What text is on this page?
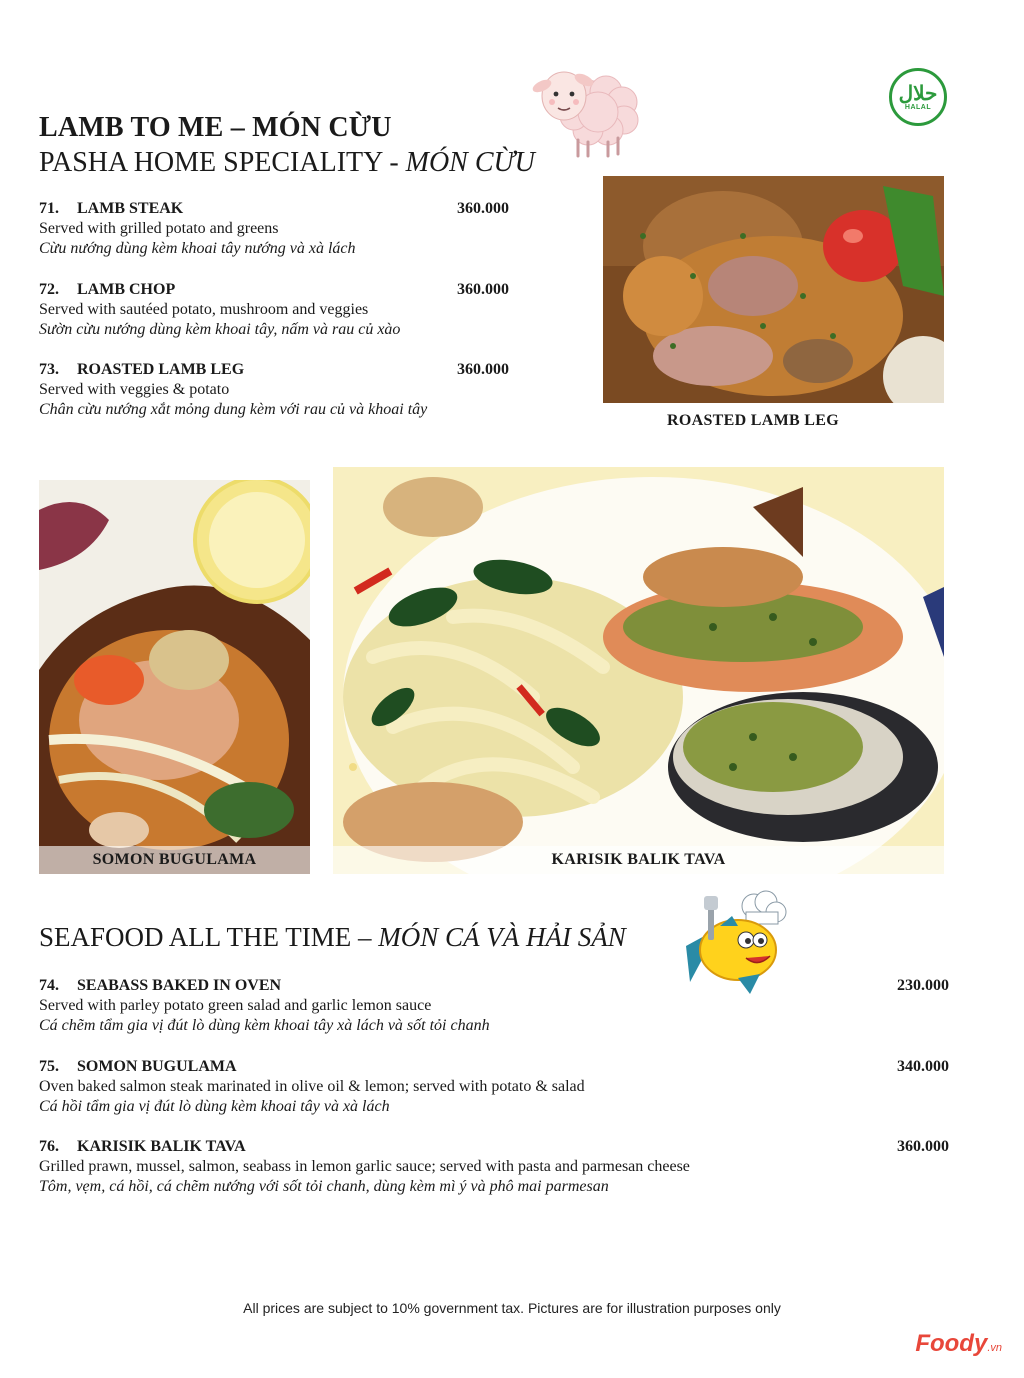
LAMB TO ME – MÓN CỪU
PASHA HOME SPECIALITY - MÓN CỪU
حلال
HALAL
71. LAMB STEAK	360.000
Served with grilled potato and greens
Cừu nướng dùng kèm khoai tây nướng và xà lách
72. LAMB CHOP	360.000
Served with sautéed potato, mushroom and veggies
Sườn cừu nướng dùng kèm khoai tây, nấm và rau củ xào
73. ROASTED LAMB LEG	360.000
Served with veggies & potato
Chân cừu nướng xắt mỏng dung kèm với rau củ và khoai tây
ROASTED LAMB LEG
SOMON BUGULAMA	KARISIK BALIK TAVA
SEAFOOD ALL THE TIME – MÓN CÁ VÀ HẢI SẢN
74. SEABASS BAKED IN OVEN	230.000
Served with parley potato green salad and garlic lemon sauce
Cá chẽm tẩm gia vị đút lò dùng kèm khoai tây xà lách và sốt tỏi chanh
75. SOMON BUGULAMA	340.000
Oven baked salmon steak marinated in olive oil & lemon; served with potato & salad
Cá hồi tẩm gia vị đút lò dùng kèm khoai tây và xà lách
76. KARISIK BALIK TAVA	360.000
Grilled prawn, mussel, salmon, seabass in lemon garlic sauce; served with pasta and parmesan cheese
Tôm, vẹm, cá hồi, cá chẽm nướng với sốt tỏi chanh, dùng kèm mì ý và phô mai parmesan
All prices are subject to 10% government tax. Pictures are for illustration purposes only
Foody.vn
